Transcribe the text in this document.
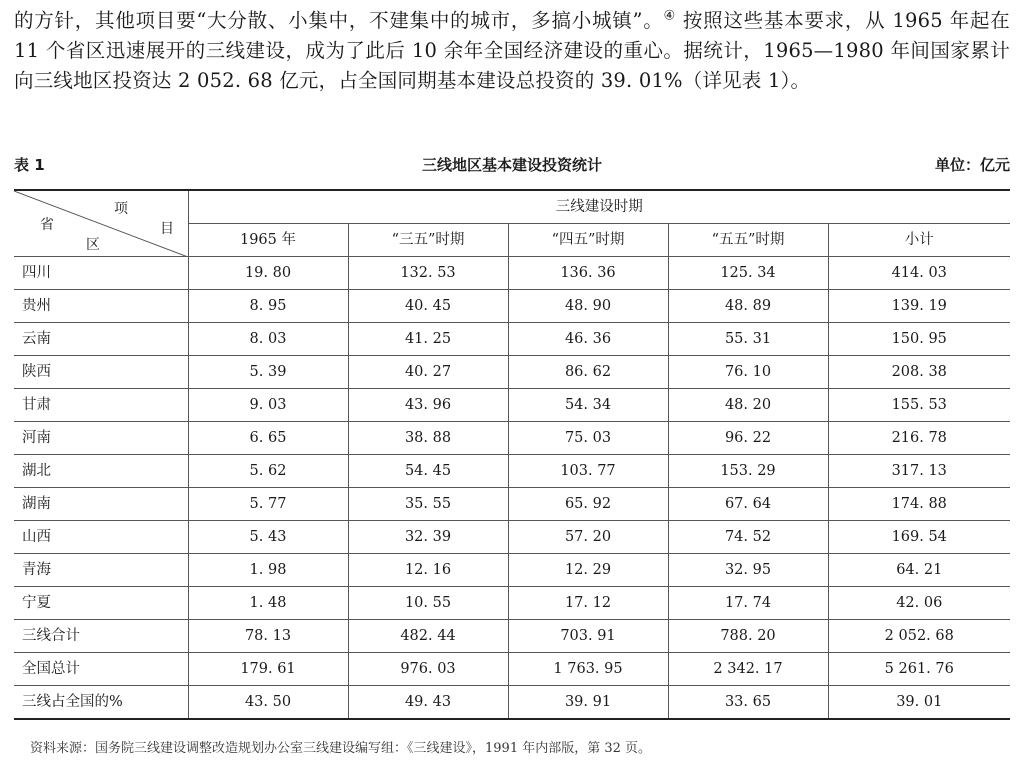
的方针，其他项目要“大分散、小集中，不建集中的城市，多搞小城镇”。④ 按照这些基本要求，从 1965 年起在 11 个省区迅速展开的三线建设，成为了此后 10 余年全国经济建设的重心。据统计，1965—1980 年间国家累计向三线地区投资达 2 052. 68 亿元，占全国同期基本建设总投资的 39. 01%（详见表 1）。
三线地区基本建设投资统计
表 1	单位：亿元
项
目
省
区	三线建设时期				
	1965 年	“三五”时期	“四五”时期	“五五”时期	小计
四川	19. 80	132. 53	136. 36	125. 34	414. 03
贵州	8. 95	40. 45	48. 90	48. 89	139. 19
云南	8. 03	41. 25	46. 36	55. 31	150. 95
陕西	5. 39	40. 27	86. 62	76. 10	208. 38
甘肃	9. 03	43. 96	54. 34	48. 20	155. 53
河南	6. 65	38. 88	75. 03	96. 22	216. 78
湖北	5. 62	54. 45	103. 77	153. 29	317. 13
湖南	5. 77	35. 55	65. 92	67. 64	174. 88
山西	5. 43	32. 39	57. 20	74. 52	169. 54
青海	1. 98	12. 16	12. 29	32. 95	64. 21
宁夏	1. 48	10. 55	17. 12	17. 74	42. 06
三线合计	78. 13	482. 44	703. 91	788. 20	2 052. 68
全国总计	179. 61	976. 03	1 763. 95	2 342. 17	5 261. 76
三线占全国的%	43. 50	49. 43	39. 91	33. 65	39. 01
资料来源：国务院三线建设调整改造规划办公室三线建设编写组：《三线建设》，1991 年内部版，第 32 页。
